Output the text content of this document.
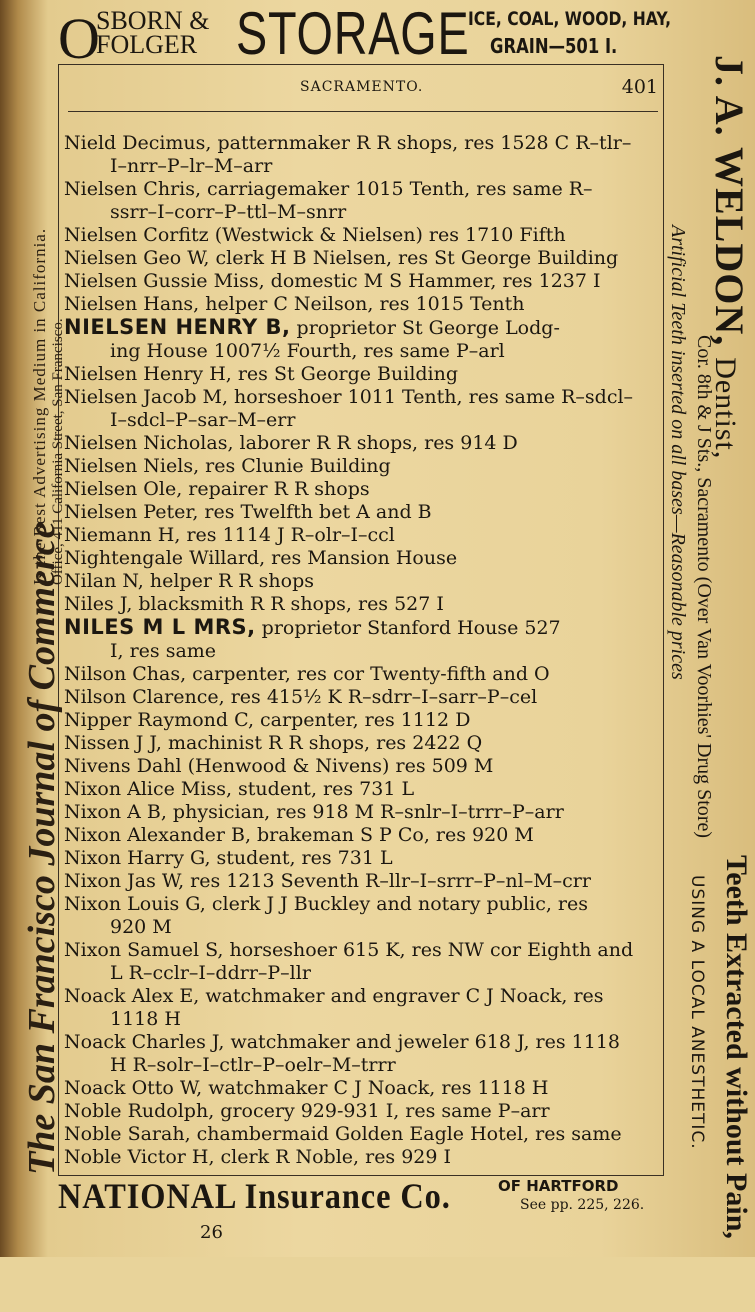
O
SBORN &
FOLGER STORAGE
ICE, COAL, WOOD, HAY,
GRAIN—501 I.
SACRAMENTO.	401
Nield Decimus, patternmaker R R shops, res 1528 C R–tlr–
I–nrr–P–lr–M–arr
Nielsen Chris, carriagemaker 1015 Tenth, res same R–
ssrr–I–corr–P–ttl–M–snrr
Nielsen Corfitz (Westwick & Nielsen) res 1710 Fifth
Nielsen Geo W, clerk H B Nielsen, res St George Building
Nielsen Gussie Miss, domestic M S Hammer, res 1237 I
Nielsen Hans, helper C Neilson, res 1015 Tenth
NIELSEN HENRY B, proprietor St George Lodg-
ing House 1007½ Fourth, res same P–arl
Nielsen Henry H, res St George Building
Nielsen Jacob M, horseshoer 1011 Tenth, res same R–sdcl–
I–sdcl–P–sar–M–err
Nielsen Nicholas, laborer R R shops, res 914 D
Nielsen Niels, res Clunie Building
Nielsen Ole, repairer R R shops
Nielsen Peter, res Twelfth bet A and B
Niemann H, res 1114 J R–olr–I–ccl
Nightengale Willard, res Mansion House
Nilan N, helper R R shops
Niles J, blacksmith R R shops, res 527 I
NILES M L MRS, proprietor Stanford House 527
I, res same
Nilson Chas, carpenter, res cor Twenty-fifth and O
Nilson Clarence, res 415½ K R–sdrr–I–sarr–P–cel
Nipper Raymond C, carpenter, res 1112 D
Nissen J J, machinist R R shops, res 2422 Q
Nivens Dahl (Henwood & Nivens) res 509 M
Nixon Alice Miss, student, res 731 L
Nixon A B, physician, res 918 M R–snlr–I–trrr–P–arr
Nixon Alexander B, brakeman S P Co, res 920 M
Nixon Harry G, student, res 731 L
Nixon Jas W, res 1213 Seventh R–llr–I–srrr–P–nl–M–crr
Nixon Louis G, clerk J J Buckley and notary public, res
920 M
Nixon Samuel S, horseshoer 615 K, res NW cor Eighth and
L R–cclr–I–ddrr–P–llr
Noack Alex E, watchmaker and engraver C J Noack, res
1118 H
Noack Charles J, watchmaker and jeweler 618 J, res 1118
H R–solr–I–ctlr–P–oelr–M–trrr
Noack Otto W, watchmaker C J Noack, res 1118 H
Noble Rudolph, grocery 929-931 I, res same P–arr
Noble Sarah, chambermaid Golden Eagle Hotel, res same
Noble Victor H, clerk R Noble, res 929 I
The San Francisco Journal of Commerce
Is the Best Advertising Medium in California. Office, 411 California Street, San Francisco.
J. A. WELDON, Dentist,
Cor. 8th & J Sts., Sacramento (Over Van Voorhies' Drug Store)
Artificial Teeth inserted on all bases—Reasonable prices
Teeth Extracted without Pain,
USING A LOCAL ANESTHETIC.
NATIONAL Insurance Co.	OF HARTFORD
See pp. 225, 226.
26
